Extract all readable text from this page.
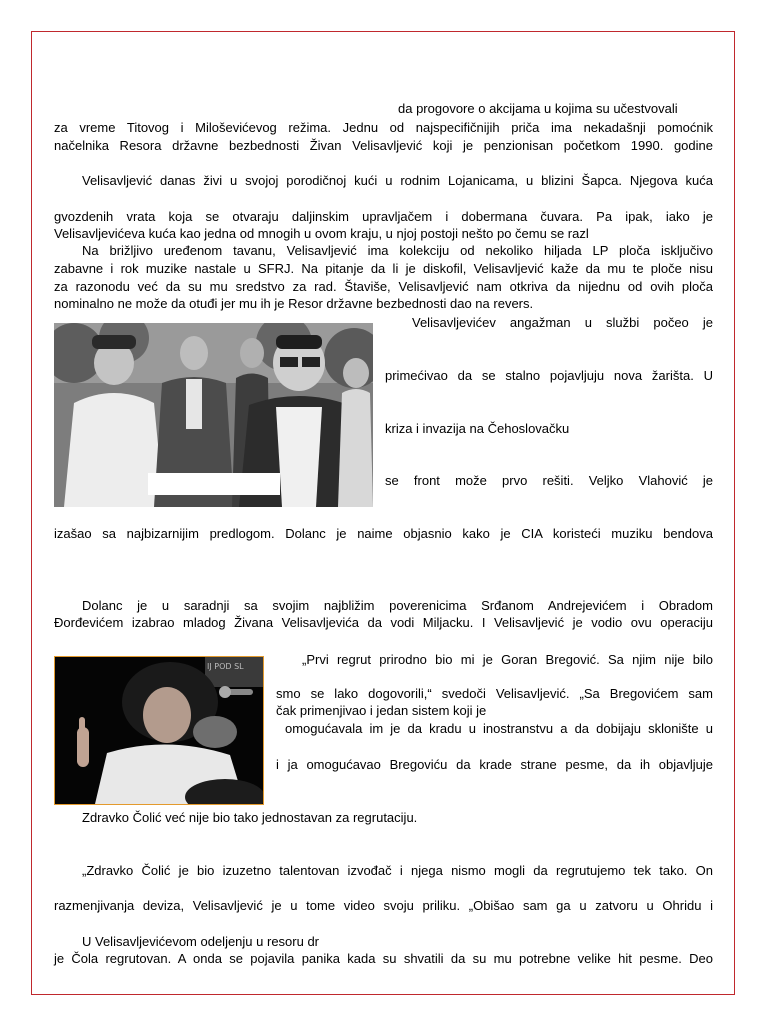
da progovore o akcijama u kojima su učestvovali
za vreme Titovog i Miloševićevog režima. Jednu od najspecifičnijih priča ima nekadašnji pomoćnik
načelnika Resora državne bezbednosti Živan Velisavljević koji je penzionisan početkom 1990. godine
Velisavljević danas živi u svojoj porodičnoj kući u rodnim Lojanicama, u blizini Šapca. Njegova kuća
gvozdenih vrata koja se otvaraju daljinskim upravljačem i dobermana čuvara. Pa ipak, iako je
Velisavljevićeva kuća kao jedna od mnogih u ovom kraju, u njoj postoji nešto po čemu se razl
Na brižljivo uređenom tavanu, Velisavljević ima kolekciju od nekoliko hiljada LP ploča isključivo
zabavne i rok muzike nastale u SFRJ. Na pitanje da li je diskofil, Velisavljević kaže da mu te ploče nisu
za razonodu već da su mu sredstvo za rad. Štaviše, Velisavljević nam otkriva da nijednu od ovih ploča
nominalno ne može da otuđi jer mu ih je Resor državne bezbednosti dao na revers.
Velisavljevićev angažman u službi počeo je
primećivao da se stalno pojavljuju nova žarišta. U
kriza i invazija na Čehoslovačku
se front može prvo rešiti. Veljko Vlahović je
izašao sa najbizarnijim predlogom. Dolanc je naime objasnio kako je CIA koristeći muziku bendova
Dolanc je u saradnji sa svojim najbližim poverenicima Srđanom Andrejevićem i Obradom
Đorđevićem izabrao mladog Živana Velisavljevića da vodi Miljacku. I Velisavljević je vodio ovu operaciju
„Prvi regrut prirodno bio mi je Goran Bregović. Sa njim nije bilo
smo se lako dogovorili,“ svedoči Velisavljević. „Sa Bregovićem sam
čak primenjivao i jedan sistem koji je
omogućavala im je da kradu u inostranstvu a da dobijaju sklonište u
i ja omogućavao Bregoviću da krade strane pesme, da ih objavljuje
Zdravko Čolić već nije bio tako jednostavan za regrutaciju.
„Zdravko Čolić je bio izuzetno talentovan izvođač i njega nismo mogli da regrutujemo tek tako. On
razmenjivanja deviza, Velisavljević je u tome video svoju priliku. „Obišao sam ga u zatvoru u Ohridu i
U Velisavljevićevom odeljenju u resoru dr
je Čola regrutovan. A onda se pojavila panika kada su shvatili da su mu potrebne velike hit pesme. Deo
IJ POD SL
